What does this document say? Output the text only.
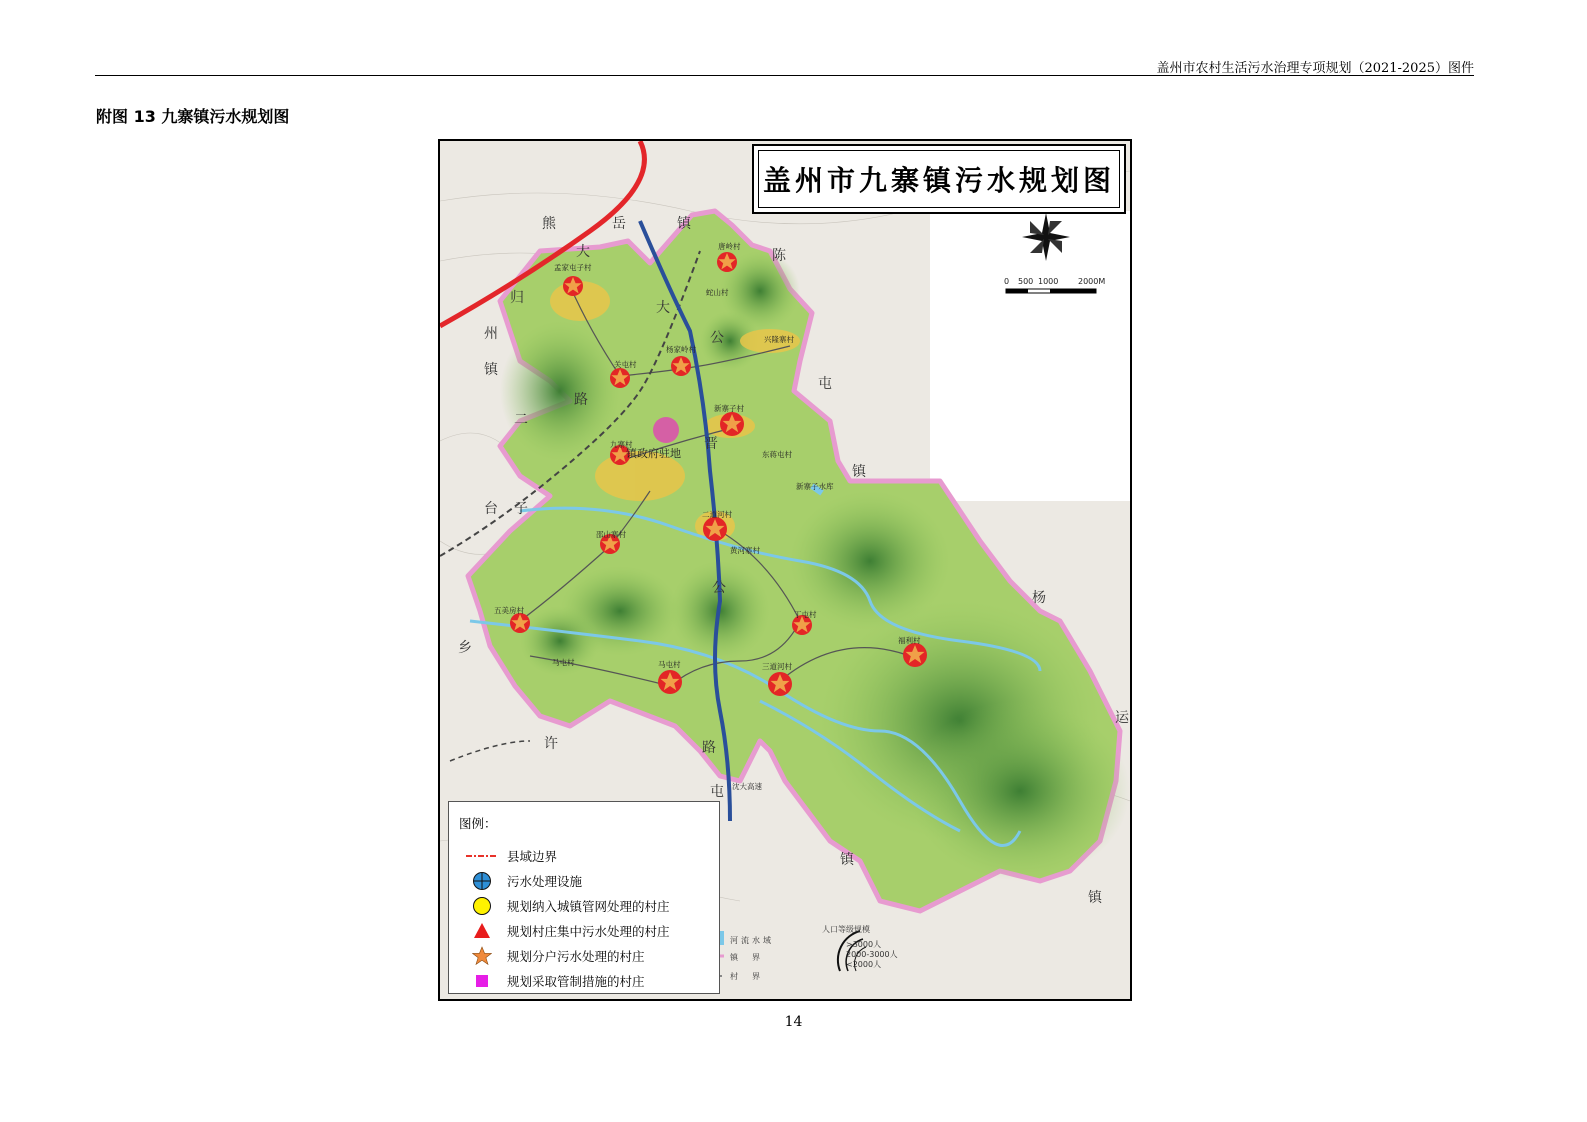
盖州市农村生活污水治理专项规划（2021-2025）图件
附图 13 九寨镇污水规划图
0 500 1000 2000M
盖州市九寨镇污水规划图
熊	岳	镇
陈
屯
镇
杨
运
镇
屯
镇
许
乡
台 子
二
镇
州
归
大
公
路
大
晋
公
路
镇政府驻地
孟家屯子村
唐岭村
蛇山村
兴隆寨村
关屯村
杨家岭村
新寨子村
九寨村
东蒋屯村
新寨子水库
二道河村
邵山寨村
黄河寨村
五美房村	丁屯村
福利村
马屯村	马屯村	三道河村
沈大高速
图例：
县域边界
污水处理设施
规划纳入城镇管网处理的村庄
规划村庄集中污水处理的村庄
规划分户污水处理的村庄
规划采取管制措施的村庄
河流水域
镇界
村界
人口等级规模
>3000人
2000-3000人
<2000人
14
